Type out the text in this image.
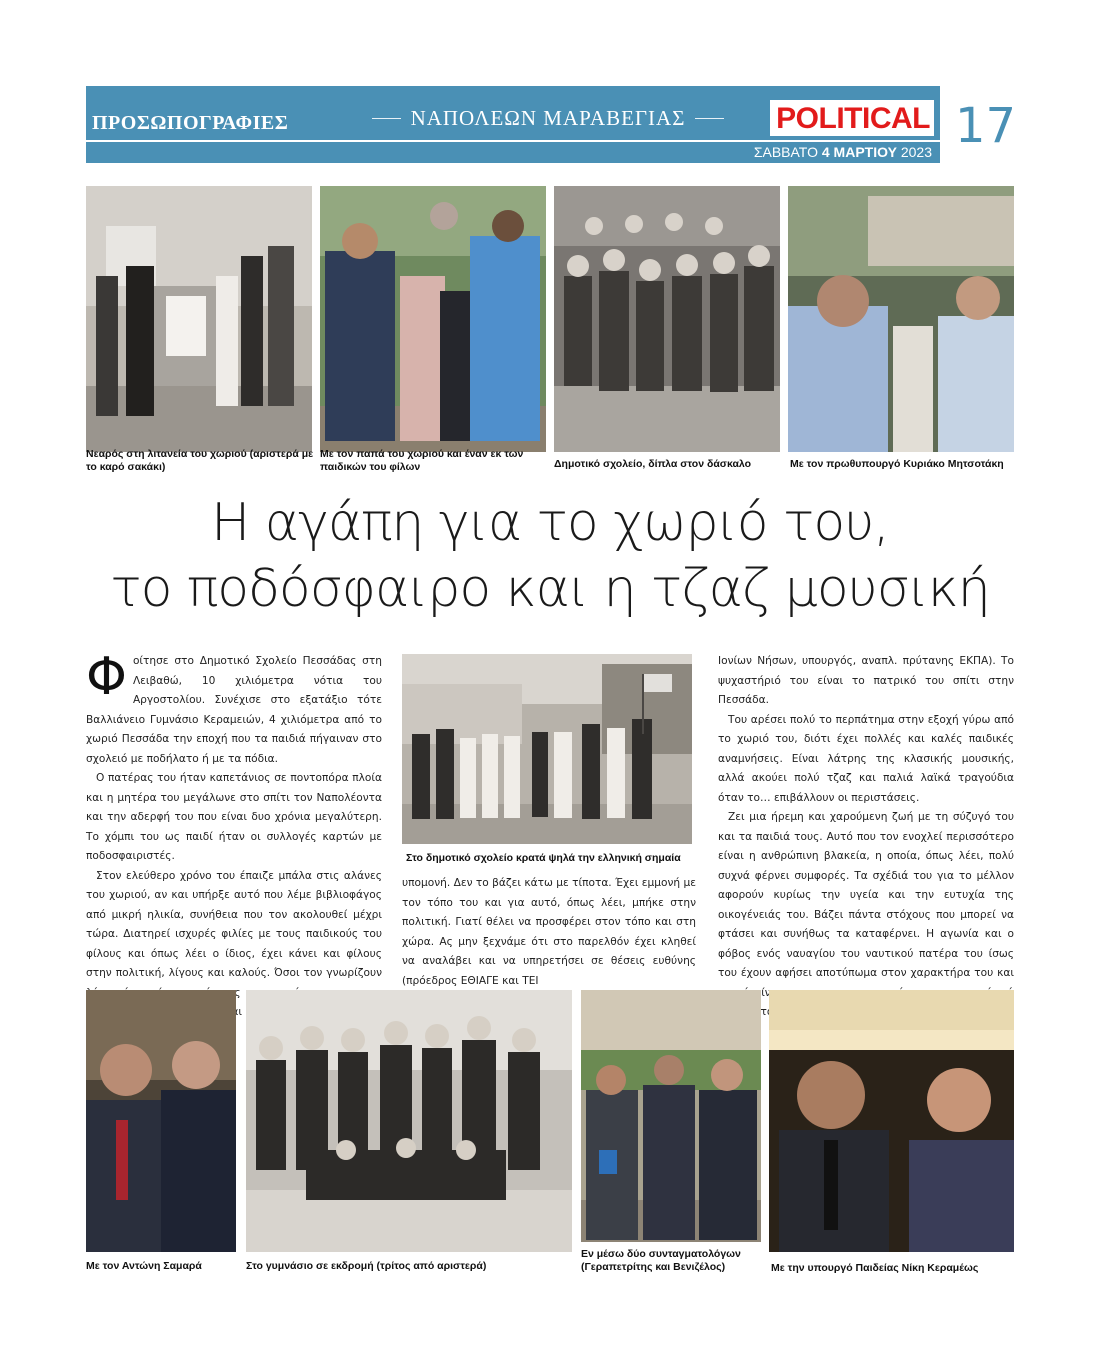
ΠΡΟΣΩΠΟΓΡΑΦΙΕΣ	ΝΑΠΟΛΕΩΝ ΜΑΡΑΒΕΓΙΑΣ	POLITICAL
ΣΑΒΒΑΤΟ 4 ΜΑΡΤΙΟΥ 2023 17
Νεαρός στη λιτανεία του χωριού (αριστερά με το καρό σακάκι)
Με τον παπά του χωριού και έναν εκ των παιδικών του φίλων	Δημοτικό σχολείο, δίπλα στον δάσκαλο	Με τον πρωθυπουργό Κυριάκο Μητσοτάκη
Η αγάπη για το χωριό του,
το ποδόσφαιρο και η τζαζ μουσική
Φ οίτησε στο Δημοτικό Σχολείο Πεσσάδας στη Λειβαθώ, 10 χιλιόμετρα νότια του Αργοστολίου. Συνέχισε στο εξατάξιο τότε Βαλλιάνειο Γυμνάσιο Κεραμειών, 4 χιλιόμετρα από το χωριό Πεσσάδα την εποχή που τα παιδιά πήγαιναν στο σχολειό με ποδήλατο ή με τα πόδια.

Ο πατέρας του ήταν καπετάνιος σε ποντοπόρα πλοία και η μητέρα του μεγάλωνε στο σπίτι τον Ναπολέοντα και την αδερφή του που είναι δυο χρόνια μεγαλύτερη. Το χόμπι του ως παιδί ήταν οι συλλογές καρτών με ποδοσφαιριστές.

Στον ελεύθερο χρόνο του έπαιζε μπάλα στις αλάνες του χωριού, αν και υπήρξε αυτό που λέμε βιβλιοφάγος από μικρή ηλικία, συνήθεια που τον ακολουθεί μέχρι τώρα. Διατηρεί ισχυρές φιλίες με τους παιδικούς του φίλους και όπως λέει ο ίδιος, έχει κάνει και φίλους στην πολιτική, λίγους και καλούς. Όσοι τον γνωρίζουν

Στο δημοτικό σχολείο κρατά ψηλά την ελληνική σημαία

υπομονή. Δεν το βάζει κάτω με τίποτα. Έχει εμμονή με τον τόπο του και για αυτό, όπως λέει, μπήκε στην πολιτική. Γιατί θέλει να προσφέρει στον τόπο και στη χώρα. Ας μην ξεχνάμε ότι στο παρελθόν έχει κληθεί να αναλάβει και να υπηρετήσει σε θέσεις ευθύνης (πρόεδρος ΕΘΙΑΓΕ και ΤΕΙ

Ιονίων Νήσων, υπουργός, αναπλ. πρύτανης ΕΚΠΑ). Το ψυχαστήριό του είναι το πατρικό του σπίτι στην Πεσσάδα.

Του αρέσει πολύ το περπάτημα στην εξοχή γύρω από το χωριό του, διότι έχει πολλές και καλές παιδικές αναμνήσεις. Είναι λάτρης της κλασικής μουσικής, αλλά ακούει πολύ τζαζ και παλιά λαϊκά τραγούδια όταν το… επιβάλλουν οι περιστάσεις.

Ζει μια ήρεμη και χαρούμενη ζωή με τη σύζυγό του και τα παιδιά τους. Αυτό που τον ενοχλεί περισσότερο είναι η ανθρώπινη βλακεία, η οποία, όπως λέει, πολύ συχνά φέρνει συμφορές. Τα σχέδιά του για το μέλλον αφορούν κυρίως την υγεία και την ευτυχία της οικογένειάς του. Βάζει πάντα στόχους που μπορεί να φτάσει και συνήθως τα καταφέρνει. Η αγωνία και ο φόβος ενός ναυαγίου του ναυτικού πατέρα του ίσως του έχουν αφήσει αποτύπωμα στον χαρακτήρα του και

Με τον Αντώνη Σαμαρά	Στο γυμνάσιο σε εκδρομή (τρίτος από αριστερά)
Εν μέσω δύο συνταγματολόγων (Γεραπετρίτης και Βενιζέλος)	Με την υπουργό Παιδείας Νίκη Κεραμέως
